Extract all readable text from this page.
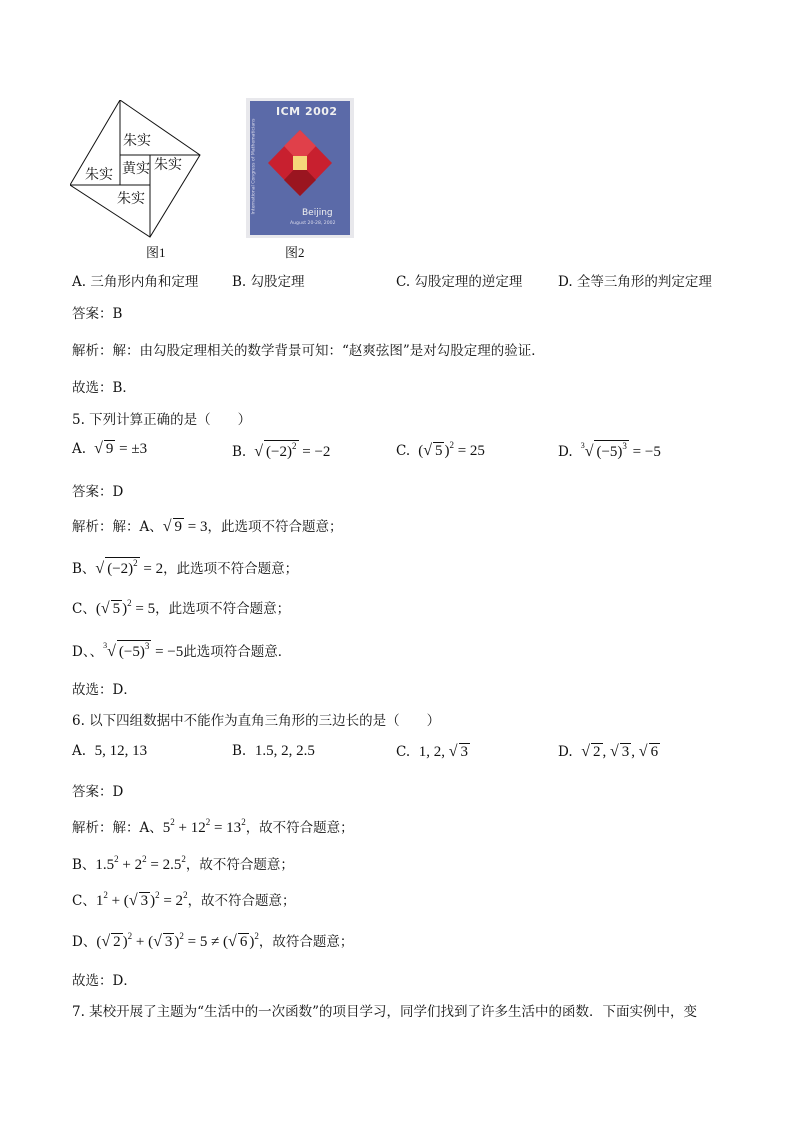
朱实
朱实 黄实 朱实
朱实
图1
ICM 2002
International Congress of Mathematicians	Beijing
August 20-28, 2002
图2
A. 三角形内角和定理 B. 勾股定理	C. 勾股定理的逆定理	D. 全等三角形的判定定理
答案：B
解析：解：由勾股定理相关的数学背景可知：“赵爽弦图”是对勾股定理的验证．
故选：B．
5. 下列计算正确的是（　　）
A. √ 9 = ±3	B. √ $(-2)^2 = -2$	C.  (√ 5 )$^2$ = 25	D. $^3$√ $(-5)^3 = -5$
答案：D
解析：解：A、√ 9 = 3，此选项不符合题意；
B、√ $(-2)^2 = 2$，此选项不符合题意；
C、(√ 5 )$^2$ = 5，此选项不符合题意；
D、、$^3$√ $(-5)^3 = -5$此选项符合题意．
故选：D．
6. 以下四组数据中不能作为直角三角形的三边长的是（　　）
A. 5, 12, 13	B. 1.5, 2, 2.5	C. 1, 2, √ 3	D. √ 2 , √ 3 , √ 6
答案：D
解析：解：A、$5^2 + 12^2 = 13^2$，故不符合题意；
B、$1.5^2 + 2^2 = 2.5^2$，故不符合题意；
C、$1^2$ + (√ 3 )$^2 = 2^2$，故不符合题意；
D、(√ 2 )$^2$ + (√ 3 )$^2$ = 5 ≠ (√ 6 )$^2$，故符合题意；
故选：D．
7. 某校开展了主题为“生活中的一次函数”的项目学习，同学们找到了许多生活中的函数．下面实例中，变
